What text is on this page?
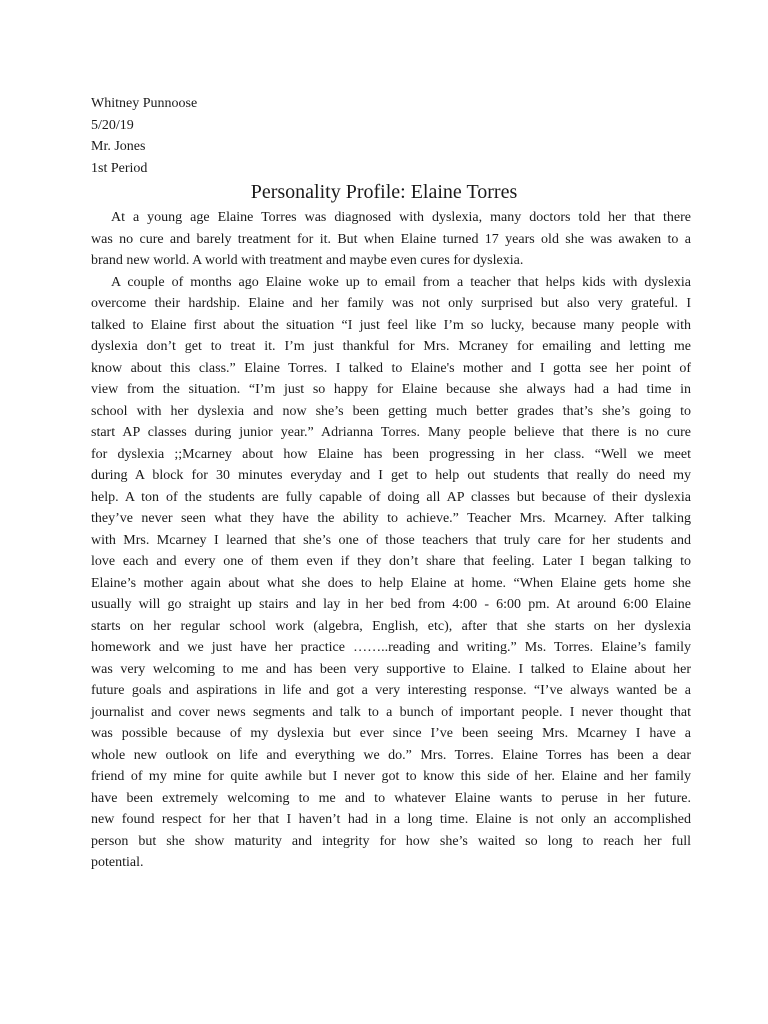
Whitney Punnoose
5/20/19
Mr. Jones
1st Period
Personality Profile: Elaine Torres
At a young age Elaine Torres was diagnosed with dyslexia, many doctors told her that there
was no cure and barely treatment for it. But when Elaine turned 17 years old she was awaken to a
brand new world. A world with treatment and maybe even cures for dyslexia.
A couple of months ago Elaine woke up to email from a teacher that helps kids with dyslexia
overcome their hardship. Elaine and her family was not only surprised but also very grateful. I
talked to Elaine first about the situation “I just feel like I’m so lucky, because many people with
dyslexia don’t get to treat it. I’m just thankful for Mrs. Mcraney for emailing and letting me
know about this class.” Elaine Torres. I talked to Elaine's mother and I gotta see her point of
view from the situation. “I’m just so happy for Elaine because she always had a had time in
school with her dyslexia and now she’s been getting much better grades that’s she’s going to
start AP classes during junior year.” Adrianna Torres. Many people believe that there is no cure
for dyslexia ;;Mcarney about how Elaine has been progressing in her class. “Well we meet
during A block for 30 minutes everyday and I get to help out students that really do need my
help. A ton of the students are fully capable of doing all AP classes but because of their dyslexia
they’ve never seen what they have the ability to achieve.” Teacher Mrs. Mcarney. After talking
with Mrs. Mcarney I learned that she’s one of those teachers that truly care for her students and
love each and every one of them even if they don’t share that feeling. Later I began talking to
Elaine’s mother again about what she does to help Elaine at home. “When Elaine gets home she
usually will go straight up stairs and lay in her bed from 4:00 - 6:00 pm. At around 6:00 Elaine
starts on her regular school work (algebra, English, etc), after that she starts on her dyslexia
homework and we just have her practice ……..reading and writing.” Ms. Torres. Elaine’s family
was very welcoming to me and has been very supportive to Elaine. I talked to Elaine about her
future goals and aspirations in life and got a very interesting response. “I’ve always wanted be a
journalist and cover news segments and talk to a bunch of important people. I never thought that
was possible because of my dyslexia but ever since I’ve been seeing Mrs. Mcarney I have a
whole new outlook on life and everything we do.” Mrs. Torres. Elaine Torres has been a dear
friend of my mine for quite awhile but I never got to know this side of her. Elaine and her family
have been extremely welcoming to me and to whatever Elaine wants to peruse in her future.
new found respect for her that I haven’t had in a long time. Elaine is not only an accomplished
person but she show maturity and integrity for how she’s waited so long to reach her full
potential.
